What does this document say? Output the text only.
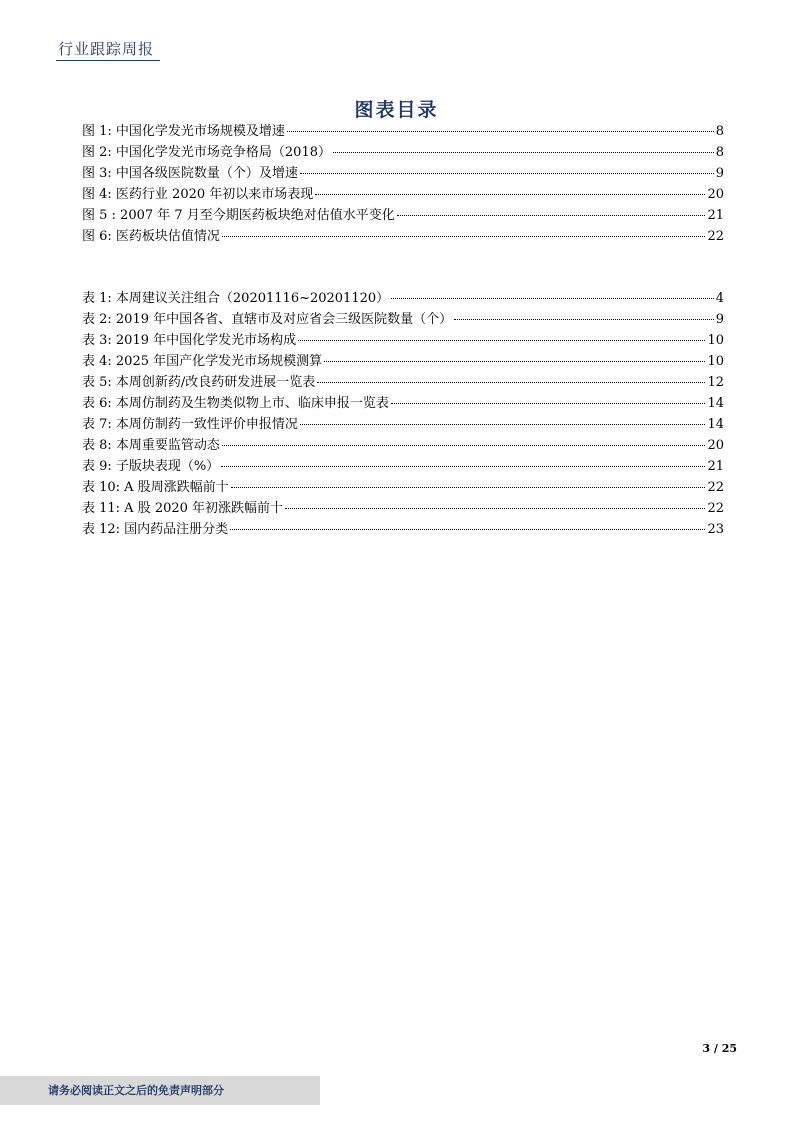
行业跟踪周报
图表目录
图 1: 中国化学发光市场规模及增速	8
图 2: 中国化学发光市场竞争格局（2018）	8
图 3: 中国各级医院数量（个）及增速	9
图 4: 医药行业 2020 年初以来市场表现	20
图 5 : 2007 年 7 月至今期医药板块绝对估值水平变化	21
图 6: 医药板块估值情况	22
表 1: 本周建议关注组合（20201116~20201120）	4
表 2: 2019 年中国各省、直辖市及对应省会三级医院数量（个）	9
表 3: 2019 年中国化学发光市场构成	10
表 4: 2025 年国产化学发光市场规模测算	10
表 5: 本周创新药/改良药研发进展一览表	12
表 6: 本周仿制药及生物类似物上市、临床申报一览表	14
表 7: 本周仿制药一致性评价申报情况	14
表 8: 本周重要监管动态	20
表 9: 子版块表现（%）	21
表 10: A 股周涨跌幅前十	22
表 11: A 股 2020 年初涨跌幅前十	22
表 12: 国内药品注册分类	23
3 / 25
请务必阅读正文之后的免责声明部分
